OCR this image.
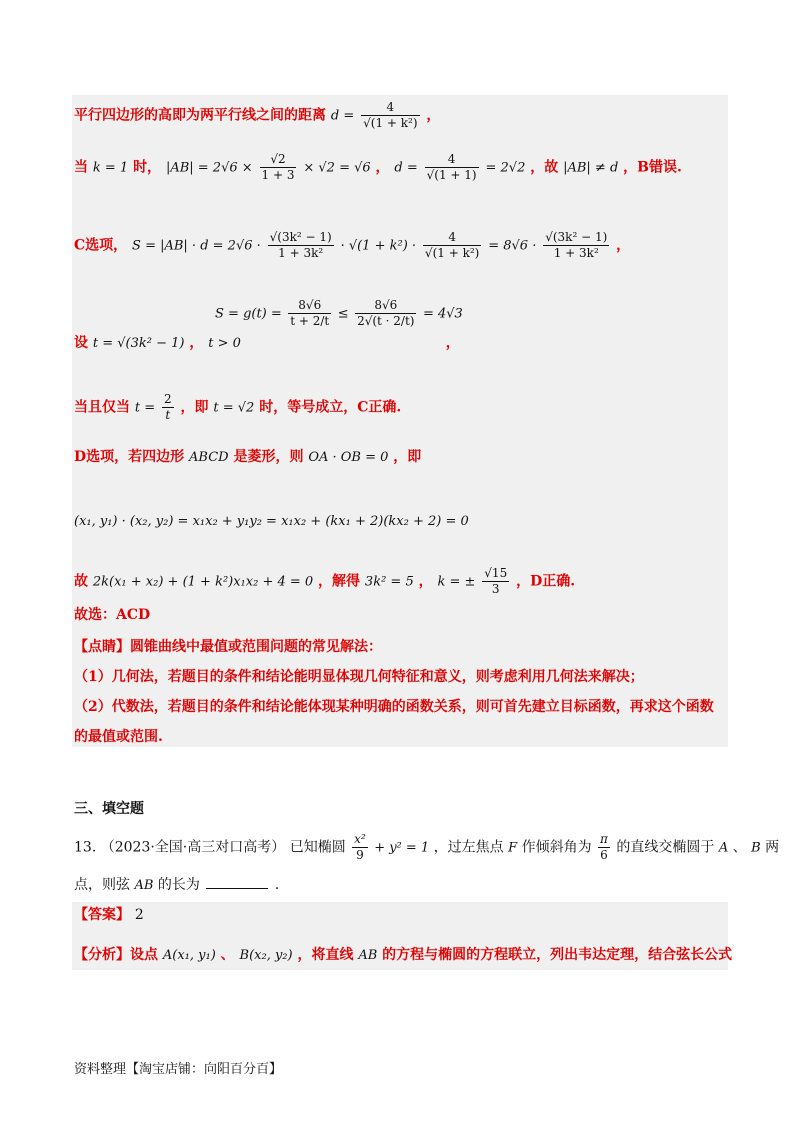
平行四边形的高即为两平行线之间的距离 $d = \frac{4}{\text{√(1 + k²)}}$ ，
当 k = 1 时， $|AB| = 2√6 \times \frac{√2}{1 + 3} \times √2 = √6$ ， $d = \frac{4}{√(1 + 1)} = 2√2$ ，故 |AB| ≠ d ，B错误.
C选项， $S = |AB| \cdot d = 2√6 \cdot \frac{\text{√(3k² − 1)}}{\text{1 + 3k²}} \cdot √(1 + k^2) \cdot \frac{4}{\text{√(1 + k²)}} = 8√6 \cdot \frac{\text{√(3k² − 1)}}{\text{1 + 3k²}}$ ，
$S = g(t) = \frac{8√6}{t + 2/t} \le \frac{8√6}{2√(t \cdot 2/t)} = 4√3$
设 t = √(3k² − 1) ， t > 0	，
当且仅当 $t = \frac{2}{t}$ ，即 t = √2 时，等号成立，C正确.
D选项，若四边形 ABCD 是菱形，则 OA · OB = 0 ，即
(x₁, y₁) · (x₂, y₂) = x₁x₂ + y₁y₂ = x₁x₂ + (kx₁ + 2)(kx₂ + 2) = 0
故 2k(x₁ + x₂) + (1 + k²)x₁x₂ + 4 = 0 ，解得 3k² = 5 ， k = ± $\frac{√15}{3}$ ，D正确.
故选：ACD
【点睛】圆锥曲线中最值或范围问题的常见解法：
（1）几何法，若题目的条件和结论能明显体现几何特征和意义，则考虑利用几何法来解决；
（2）代数法，若题目的条件和结论能体现某种明确的函数关系，则可首先建立目标函数，再求这个函数
的最值或范围.
三、填空题
13. （2023·全国·高三对口高考） 已知椭圆 $\frac{\text{x²}}{9} + y^2 = 1$ ，过左焦点 F 作倾斜角为 $\frac{\pi}{6}$ 的直线交椭圆于 A 、 B 两
点，则弦 AB 的长为	.
【答案】 2
【分析】设点 A(x₁, y₁) 、 B(x₂, y₂) ，将直线 AB 的方程与椭圆的方程联立，列出韦达定理，结合弦长公式
资料整理【淘宝店铺：向阳百分百】
